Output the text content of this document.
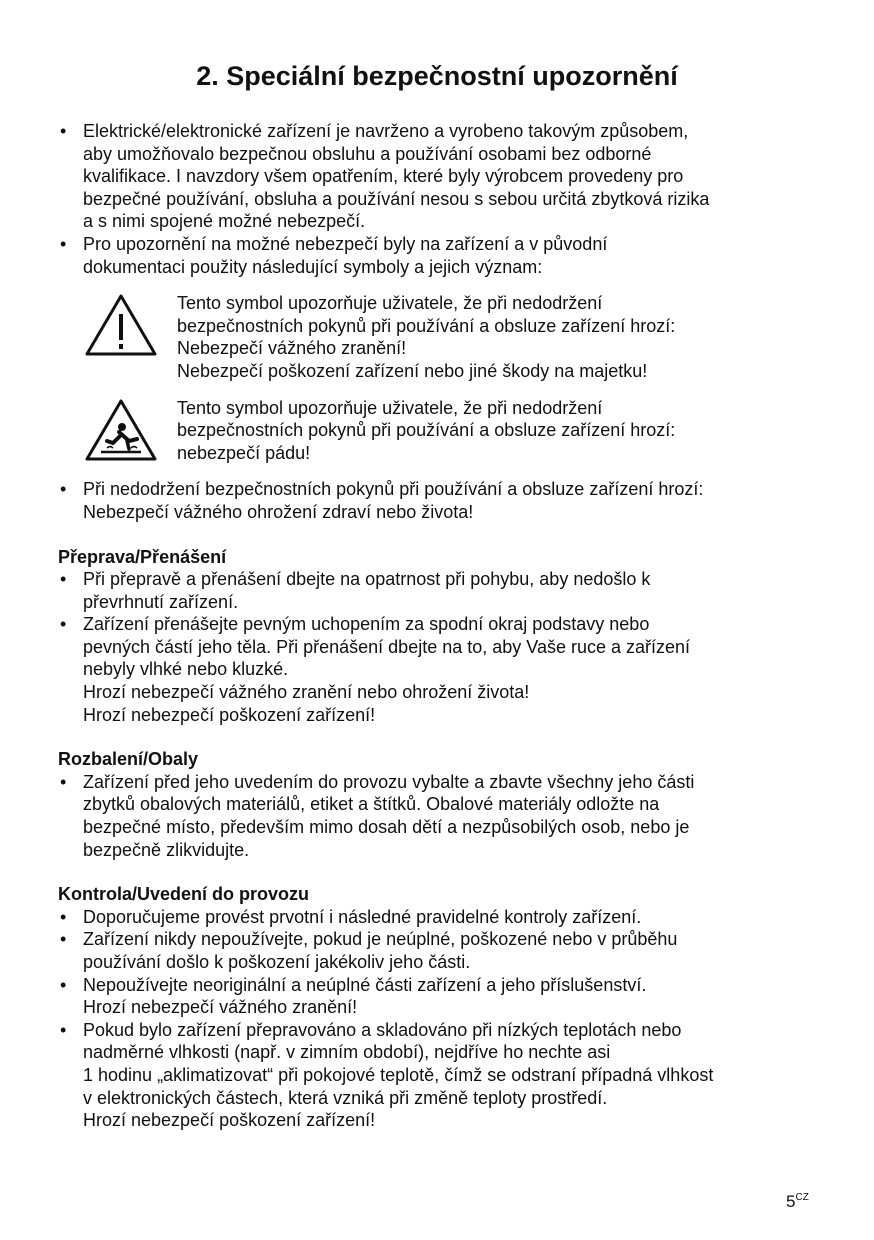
2. Speciální bezpečnostní upozornění
• Elektrické/elektronické zařízení je navrženo a vyrobeno takovým způsobem,
aby umožňovalo bezpečnou obsluhu a používání osobami bez odborné
kvalifikace. I navzdory všem opatřením, které byly výrobcem provedeny pro
bezpečné používání, obsluha a používání nesou s sebou určitá zbytková rizika
a s nimi spojené možné nebezpečí.
• Pro upozornění na možné nebezpečí byly na zařízení a v původní
dokumentaci použity následující symboly a jejich význam:
Tento symbol upozorňuje uživatele, že při nedodržení
bezpečnostních pokynů při používání a obsluze zařízení hrozí:
Nebezpečí vážného zranění!
Nebezpečí poškození zařízení nebo jiné škody na majetku!
Tento symbol upozorňuje uživatele, že při nedodržení
bezpečnostních pokynů při používání a obsluze zařízení hrozí:
nebezpečí pádu!
• Při nedodržení bezpečnostních pokynů při používání a obsluze zařízení hrozí:
Nebezpečí vážného ohrožení zdraví nebo života!
Přeprava/Přenášení
• Při přepravě a přenášení dbejte na opatrnost při pohybu, aby nedošlo k
převrhnutí zařízení.
• Zařízení přenášejte pevným uchopením za spodní okraj podstavy nebo
pevných částí jeho těla. Při přenášení dbejte na to, aby Vaše ruce a zařízení
nebyly vlhké nebo kluzké.
Hrozí nebezpečí vážného zranění nebo ohrožení života!
Hrozí nebezpečí poškození zařízení!
Rozbalení/Obaly
• Zařízení před jeho uvedením do provozu vybalte a zbavte všechny jeho části
zbytků obalových materiálů, etiket a štítků. Obalové materiály odložte na
bezpečné místo, především mimo dosah dětí a nezpůsobilých osob, nebo je
bezpečně zlikvidujte.
Kontrola/Uvedení do provozu
• Doporučujeme provést prvotní i následné pravidelné kontroly zařízení.
• Zařízení nikdy nepoužívejte, pokud je neúplné, poškozené nebo v průběhu
používání došlo k poškození jakékoliv jeho části.
• Nepoužívejte neoriginální a neúplné části zařízení a jeho příslušenství.
Hrozí nebezpečí vážného zranění!
• Pokud bylo zařízení přepravováno a skladováno při nízkých teplotách nebo
nadměrné vlhkosti (např. v zimním období), nejdříve ho nechte asi
1 hodinu „aklimatizovat“ při pokojové teplotě, čímž se odstraní případná vlhkost
v elektronických částech, která vzniká při změně teploty prostředí.
Hrozí nebezpečí poškození zařízení!
$5^{CZ}$
